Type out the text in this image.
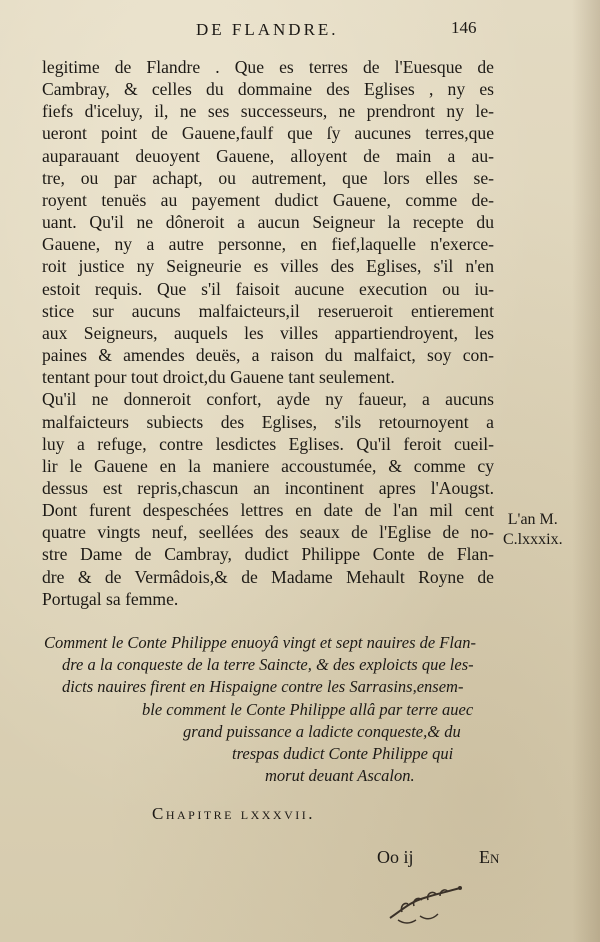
DE FLANDRE.	146
legitime de Flandre . Que es terres de l'Euesque de
Cambray, & celles du dommaine des Eglises , ny es
fiefs d'iceluy, il, ne ses successeurs, ne prendront ny le-
ueront point de Gauene,faulf que ſy aucunes terres,que
auparauant deuoyent Gauene, alloyent de main a au-
tre, ou par achapt, ou autrement, que lors elles se-
royent tenuës au payement dudict Gauene, comme de-
uant. Qu'il ne dôneroit a aucun Seigneur la recepte du
Gauene, ny a autre personne, en fief,laquelle n'exerce-
roit justice ny Seigneurie es villes des Eglises, s'il n'en
estoit requis. Que s'il faisoit aucune execution ou iu-
stice sur aucuns malfaicteurs,il reserueroit entierement
aux Seigneurs, auquels les villes appartiendroyent, les
paines & amendes deuës, a raison du malfaict, soy con-
tentant pour tout droict,du Gauene tant seulement.
Qu'il ne donneroit confort, ayde ny faueur, a aucuns
malfaicteurs subiects des Eglises, s'ils retournoyent a
luy a refuge, contre lesdictes Eglises. Qu'il feroit cueil-
lir le Gauene en la maniere accoustumée, & comme cy
dessus est repris,chascun an incontinent apres l'Aougst.
Dont furent despeschées lettres en date de l'an mil cent
quatre vingts neuf, seellées des seaux de l'Eglise de no-
stre Dame de Cambray, dudict Philippe Conte de Flan-
dre & de Vermâdois,& de Madame Mehault Royne de
Portugal sa femme.
L'an M.
C.lxxxix.
Comment le Conte Philippe enuoyâ vingt et sept nauires de Flan-
dre a la conqueste de la terre Saincte, & des exploicts que les-
dicts nauires firent en Hispaigne contre les Sarrasins,ensem-
ble comment le Conte Philippe allâ par terre auec
grand puissance a ladicte conqueste,& du
trespas dudict Conte Philippe qui
morut deuant Ascalon.
Chapitre lxxxvii.
Oo ij	En
